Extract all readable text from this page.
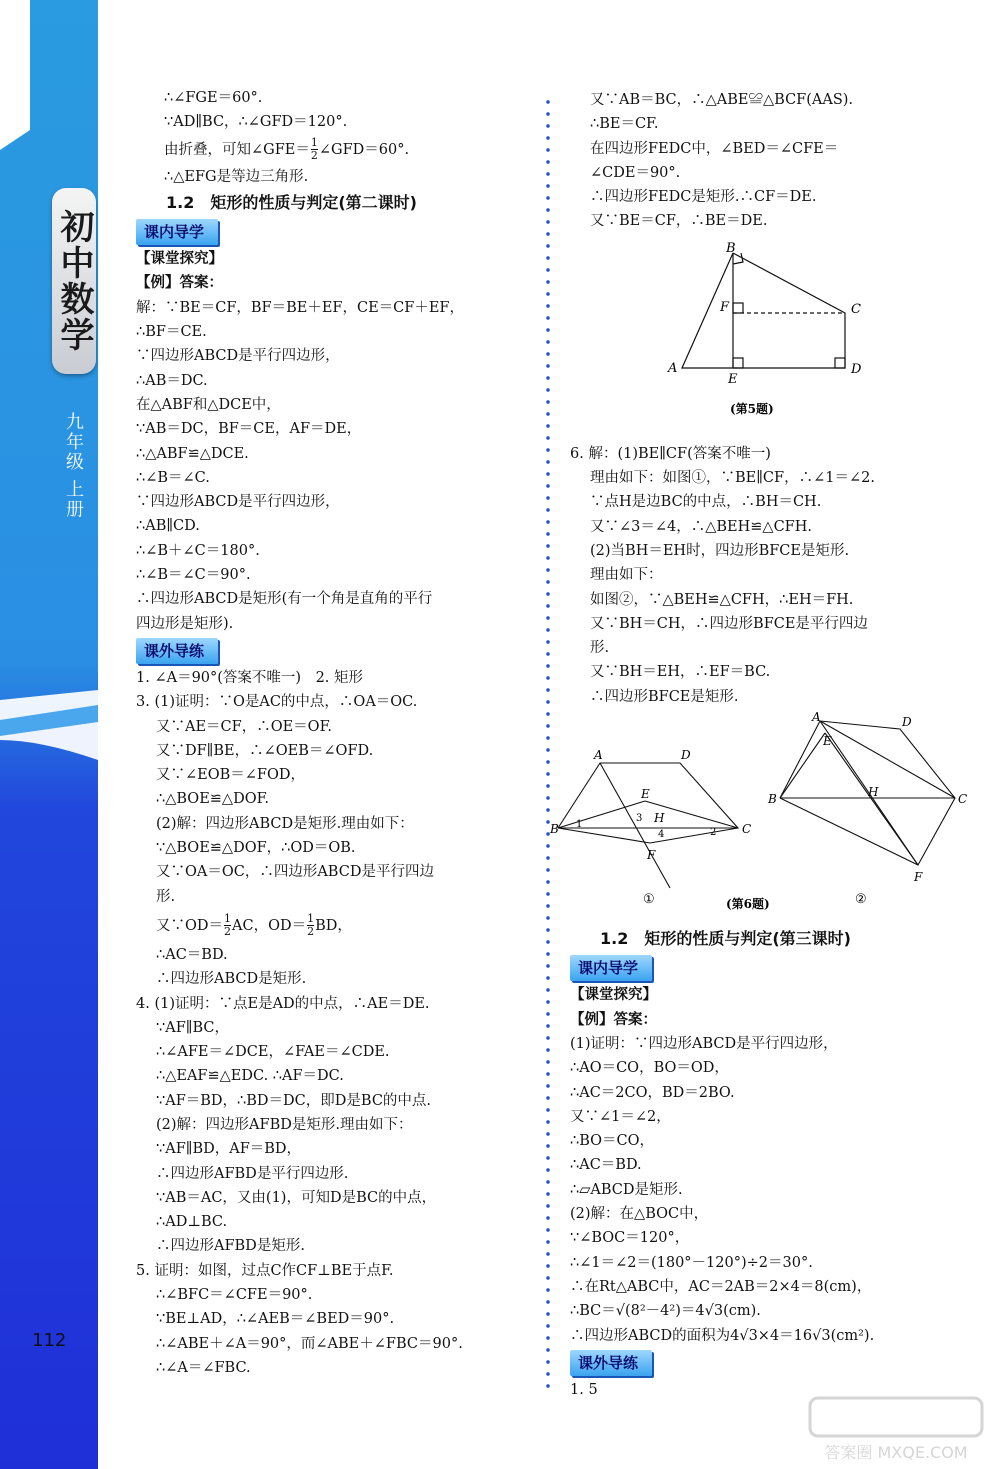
初中数学
九年级 上册
112
∴∠FGE＝60°.
∵AD∥BC，∴∠GFD＝120°.
由折叠，可知∠GFE＝ $\frac{1}{2}$ ∠GFD＝60°.
∴△EFG是等边三角形.
1.2　矩形的性质与判定(第二课时)
课内导学
【课堂探究】
【例】答案：
解：∵BE＝CF，BF＝BE＋EF，CE＝CF＋EF，
∴BF＝CE.
∵四边形ABCD是平行四边形，
∴AB＝DC.
在△ABF和△DCE中，
∵AB＝DC，BF＝CE，AF＝DE，
∴△ABF≌△DCE.
∴∠B＝∠C.
∵四边形ABCD是平行四边形，
∴AB∥CD.
∴∠B＋∠C＝180°.
∴∠B＝∠C＝90°.
∴四边形ABCD是矩形(有一个角是直角的平行
四边形是矩形).
课外导练
1. ∠A＝90°(答案不唯一)　2. 矩形
3. (1)证明：∵O是AC的中点，∴OA＝OC.
又∵AE＝CF，∴OE＝OF.
又∵DF∥BE，∴∠OEB＝∠OFD.
又∵∠EOB＝∠FOD，
∴△BOE≌△DOF.
(2)解：四边形ABCD是矩形.理由如下：
∵△BOE≌△DOF，∴OD＝OB.
又∵OA＝OC，∴四边形ABCD是平行四边
形.
又∵OD＝ $\frac{1}{2}$ AC，$OD= \frac{1}{2}$ BD，
∴AC＝BD.
∴四边形ABCD是矩形.
4. (1)证明：∵点E是AD的中点，∴AE＝DE.
∵AF∥BC，
∴∠AFE＝∠DCE，∠FAE＝∠CDE.
∴△EAF≌△EDC. ∴AF＝DC.
∵AF＝BD，∴BD＝DC，即D是BC的中点.
(2)解：四边形AFBD是矩形.理由如下：
∵AF∥BD，AF＝BD，
∴四边形AFBD是平行四边形.
∵AB＝AC，又由(1)，可知D是BC的中点，
∴AD⊥BC.
∴四边形AFBD是矩形.
5. 证明：如图，过点C作CF⊥BE于点F.
∴∠BFC＝∠CFE＝90°.
∵BE⊥AD，∴∠AEB＝∠BED＝90°.
∴∠ABE＋∠A＝90°，而∠ABE＋∠FBC＝90°.
∴∠A＝∠FBC.
又∵AB＝BC，∴△ABE≌△BCF(AAS).
∴BE＝CF.
在四边形FEDC中，∠BED＝∠CFE＝
∠CDE＝90°.
∴四边形FEDC是矩形.∴CF＝DE.
又∵BE＝CF，∴BE＝DE.
B
F	C
A
E
D
(第5题)
6. 解：(1)BE∥CF(答案不唯一)
理由如下：如图①，∵BE∥CF，∴∠1＝∠2.
∵点H是边BC的中点，∴BH＝CH.
又∵∠3＝∠4，∴△BEH≌△CFH.
(2)当BH＝EH时，四边形BFCE是矩形.
理由如下：
如图②，∵△BEH≌△CFH，∴EH＝FH.
又∵BH＝CH，∴四边形BFCE是平行四边
形.
又∵BH＝EH，∴EF＝BC.
∴四边形BFCE是矩形.
A	D
E
H
B	C
F
1
2
3
4
A	D
E
H
B	C
F
①	(第6题)	②
1.2　矩形的性质与判定(第三课时)
课内导学
【课堂探究】
【例】答案：
(1)证明：∵四边形ABCD是平行四边形，
∴AO＝CO，BO＝OD，
∴AC＝2CO，BD＝2BO.
又∵∠1＝∠2，
∴BO＝CO，
∴AC＝BD.
∴▱ABCD是矩形.
(2)解：在△BOC中，
∵∠BOC＝120°，
∴∠1＝∠2＝(180°－120°)÷2＝30°.
∴在Rt△ABC中，AC＝2AB＝2×4＝8(cm)，
∴BC＝√(8²－4²)＝4√3(cm).
∴四边形ABCD的面积为4√3×4＝16√3(cm²).
课外导练
1. 5
答案圈 MXQE.COM
